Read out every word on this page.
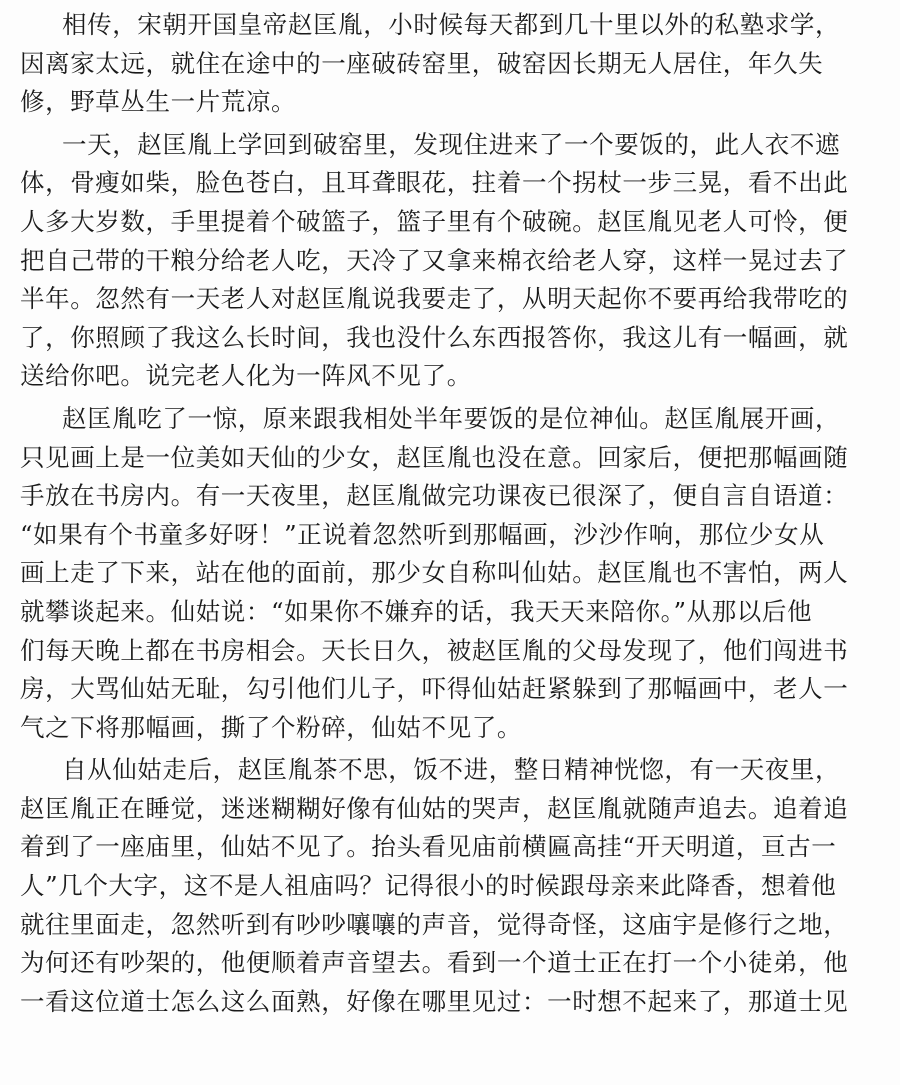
相传，宋朝开国皇帝赵匡胤，小时候每天都到几十里以外的私塾求学，
因离家太远，就住在途中的一座破砖窑里，破窑因长期无人居住，年久失
修，野草丛生一片荒凉。
一天，赵匡胤上学回到破窑里，发现住进来了一个要饭的，此人衣不遮
体，骨瘦如柴，脸色苍白，且耳聋眼花，拄着一个拐杖一步三晃，看不出此
人多大岁数，手里提着个破篮子，篮子里有个破碗。赵匡胤见老人可怜，便
把自己带的干粮分给老人吃，天冷了又拿来棉衣给老人穿，这样一晃过去了
半年。忽然有一天老人对赵匡胤说我要走了，从明天起你不要再给我带吃的
了，你照顾了我这么长时间，我也没什么东西报答你，我这儿有一幅画，就
送给你吧。说完老人化为一阵风不见了。
赵匡胤吃了一惊，原来跟我相处半年要饭的是位神仙。赵匡胤展开画，
只见画上是一位美如天仙的少女，赵匡胤也没在意。回家后，便把那幅画随
手放在书房内。有一天夜里，赵匡胤做完功课夜已很深了，便自言自语道：
“如果有个书童多好呀！”正说着忽然听到那幅画，沙沙作响，那位少女从
画上走了下来，站在他的面前，那少女自称叫仙姑。赵匡胤也不害怕，两人
就攀谈起来。仙姑说：“如果你不嫌弃的话，我天天来陪你。”从那以后他
们每天晚上都在书房相会。天长日久，被赵匡胤的父母发现了，他们闯进书
房，大骂仙姑无耻，勾引他们儿子，吓得仙姑赶紧躲到了那幅画中，老人一
气之下将那幅画，撕了个粉碎，仙姑不见了。
自从仙姑走后，赵匡胤茶不思，饭不进，整日精神恍惚，有一天夜里，
赵匡胤正在睡觉，迷迷糊糊好像有仙姑的哭声，赵匡胤就随声追去。追着追
着到了一座庙里，仙姑不见了。抬头看见庙前横匾高挂“开天明道，亘古一
人”几个大字，这不是人祖庙吗？记得很小的时候跟母亲来此降香，想着他
就往里面走，忽然听到有吵吵嚷嚷的声音，觉得奇怪，这庙宇是修行之地，
为何还有吵架的，他便顺着声音望去。看到一个道士正在打一个小徒弟，他
一看这位道士怎么这么面熟，好像在哪里见过：一时想不起来了，那道士见
